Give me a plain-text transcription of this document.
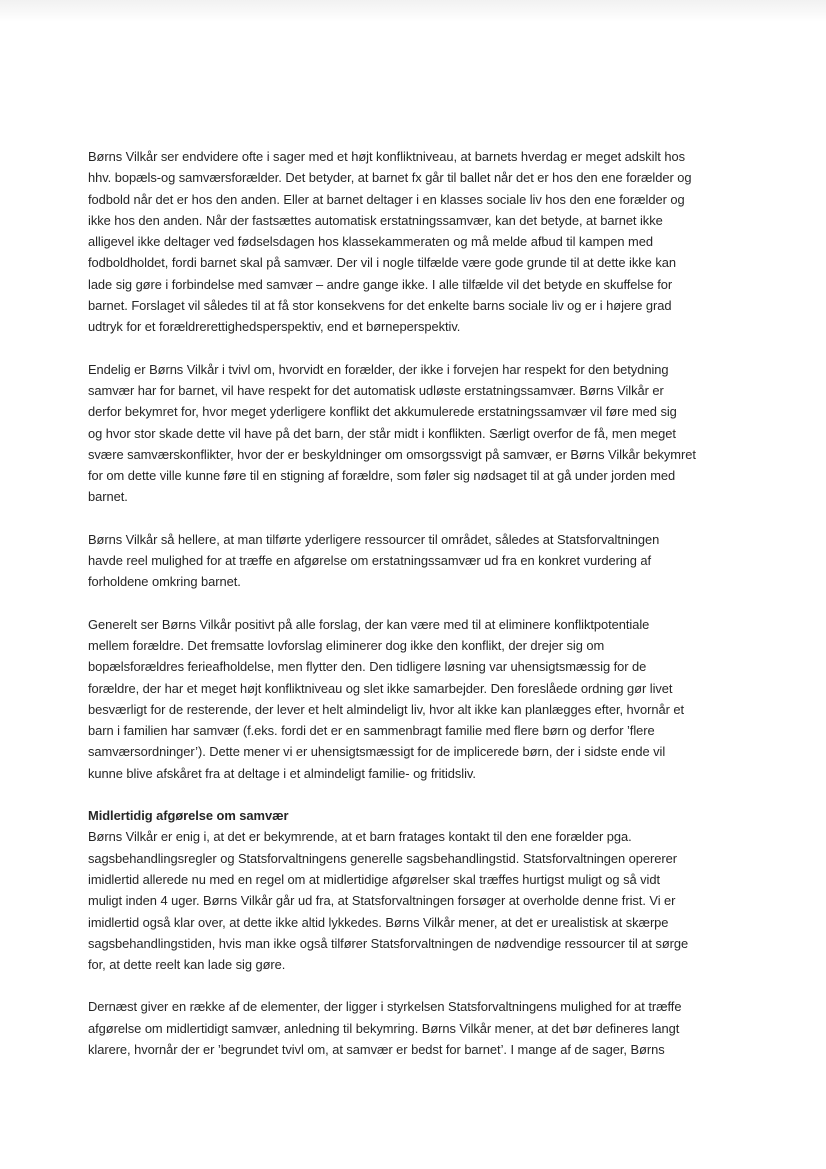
Børns Vilkår ser endvidere ofte i sager med et højt konfliktniveau, at barnets hverdag er meget adskilt hos
hhv. bopæls-og samværsforælder. Det betyder, at barnet fx går til ballet når det er hos den ene forælder og
fodbold når det er hos den anden. Eller at barnet deltager i en klasses sociale liv hos den ene forælder og
ikke hos den anden. Når der fastsættes automatisk erstatningssamvær, kan det betyde, at barnet ikke
alligevel ikke deltager ved fødselsdagen hos klassekammeraten og må melde afbud til kampen med
fodboldholdet, fordi barnet skal på samvær. Der vil i nogle tilfælde være gode grunde til at dette ikke kan
lade sig gøre i forbindelse med samvær – andre gange ikke. I alle tilfælde vil det betyde en skuffelse for
barnet. Forslaget vil således til at få stor konsekvens for det enkelte barns sociale liv og er i højere grad
udtryk for et forældrerettighedsperspektiv, end et børneperspektiv.

Endelig er Børns Vilkår i tvivl om, hvorvidt en forælder, der ikke i forvejen har respekt for den betydning
samvær har for barnet, vil have respekt for det automatisk udløste erstatningssamvær. Børns Vilkår er
derfor bekymret for, hvor meget yderligere konflikt det akkumulerede erstatningssamvær vil føre med sig
og hvor stor skade dette vil have på det barn, der står midt i konflikten. Særligt overfor de få, men meget
svære samværskonflikter, hvor der er beskyldninger om omsorgssvigt på samvær, er Børns Vilkår bekymret
for om dette ville kunne føre til en stigning af forældre, som føler sig nødsaget til at gå under jorden med
barnet.

Børns Vilkår så hellere, at man tilførte yderligere ressourcer til området, således at Statsforvaltningen
havde reel mulighed for at træffe en afgørelse om erstatningssamvær ud fra en konkret vurdering af
forholdene omkring barnet.

Generelt ser Børns Vilkår positivt på alle forslag, der kan være med til at eliminere konfliktpotentiale
mellem forældre. Det fremsatte lovforslag eliminerer dog ikke den konflikt, der drejer sig om
bopælsforældres ferieafholdelse, men flytter den. Den tidligere løsning var uhensigtsmæssig for de
forældre, der har et meget højt konfliktniveau og slet ikke samarbejder. Den foreslåede ordning gør livet
besværligt for de resterende, der lever et helt almindeligt liv, hvor alt ikke kan planlægges efter, hvornår et
barn i familien har samvær (f.eks. fordi det er en sammenbragt familie med flere børn og derfor ’flere
samværsordninger’). Dette mener vi er uhensigtsmæssigt for de implicerede børn, der i sidste ende vil
kunne blive afskåret fra at deltage i et almindeligt familie- og fritidsliv.

Midlertidig afgørelse om samvær
Børns Vilkår er enig i, at det er bekymrende, at et barn fratages kontakt til den ene forælder pga.
sagsbehandlingsregler og Statsforvaltningens generelle sagsbehandlingstid. Statsforvaltningen opererer
imidlertid allerede nu med en regel om at midlertidige afgørelser skal træffes hurtigst muligt og så vidt
muligt inden 4 uger. Børns Vilkår går ud fra, at Statsforvaltningen forsøger at overholde denne frist. Vi er
imidlertid også klar over, at dette ikke altid lykkedes. Børns Vilkår mener, at det er urealistisk at skærpe
sagsbehandlingstiden, hvis man ikke også tilfører Statsforvaltningen de nødvendige ressourcer til at sørge
for, at dette reelt kan lade sig gøre.

Dernæst giver en række af de elementer, der ligger i styrkelsen Statsforvaltningens mulighed for at træffe
afgørelse om midlertidigt samvær, anledning til bekymring. Børns Vilkår mener, at det bør defineres langt
klarere, hvornår der er ’begrundet tvivl om, at samvær er bedst for barnet’. I mange af de sager, Børns
